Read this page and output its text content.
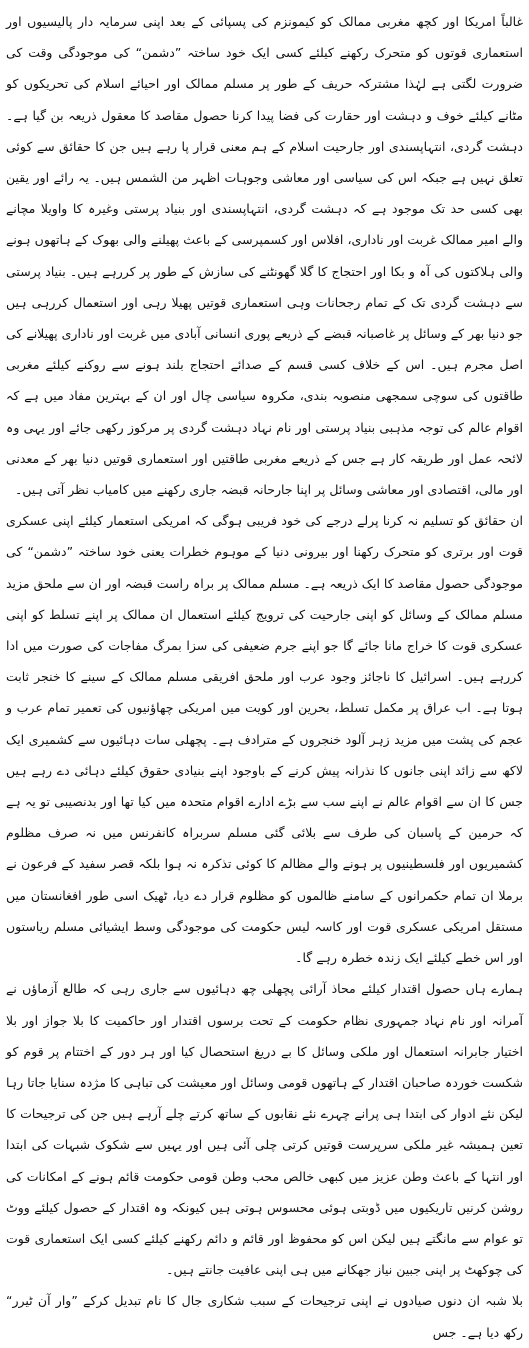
غالباً امریکا اور کچھ مغربی ممالک کو کیمونزم کی پسپائی کے بعد اپنی سرمایہ دار پالیسیوں اور استعماری قوتوں کو متحرک رکھنے کیلئے کسی ایک خود ساختہ ”دشمن“ کی موجودگی وقت کی ضرورت لگتی ہے لہٰذا مشترکہ حریف کے طور پر مسلم ممالک اور احیائے اسلام کی تحریکوں کو مٹانے کیلئے خوف و دہشت اور حقارت کی فضا پیدا کرنا حصول مقاصد کا معقول ذریعہ بن گیا ہے۔ دہشت گردی، انتہاپسندی اور جارحیت اسلام کے ہم معنی قرار پا رہے ہیں جن کا حقائق سے کوئی تعلق نہیں ہے جبکہ اس کی سیاسی اور معاشی وجوہات اظہر من الشمس ہیں۔ یہ رائے اور یقین بھی کسی حد تک موجود ہے کہ دہشت گردی، انتہاپسندی اور بنیاد پرستی وغیرہ کا واویلا مچانے والے امیر ممالک غربت اور ناداری، افلاس اور کسمپرسی کے باعث پھیلنے والی بھوک کے ہاتھوں ہونے والی ہلاکتوں کی آہ و بکا اور احتجاج کا گلا گھونٹنے کی سازش کے طور پر کررہے ہیں۔ بنیاد پرستی سے دہشت گردی تک کے تمام رجحانات وہی استعماری قوتیں پھیلا رہی اور استعمال کررہی ہیں جو دنیا بھر کے وسائل پر غاصبانہ قبضے کے ذریعے پوری انسانی آبادی میں غربت اور ناداری پھیلانے کی اصل مجرم ہیں۔ اس کے خلاف کسی قسم کے صدائے احتجاج بلند ہونے سے روکنے کیلئے مغربی طاقتوں کی سوچی سمجھی منصوبہ بندی، مکروہ سیاسی چال اور ان کے بہترین مفاد میں ہے کہ اقوام عالم کی توجہ مذہبی بنیاد پرستی اور نام نہاد دہشت گردی پر مرکوز رکھی جائے اور یہی وہ لائحہ عمل اور طریقہ کار ہے جس کے ذریعے مغربی طاقتیں اور استعماری قوتیں دنیا بھر کے معدنی اور مالی، اقتصادی اور معاشی وسائل پر اپنا جارحانہ قبضہ جاری رکھنے میں کامیاب نظر آتی ہیں۔

ان حقائق کو تسلیم نہ کرنا پرلے درجے کی خود فریبی ہوگی کہ امریکی استعمار کیلئے اپنی عسکری قوت اور برتری کو متحرک رکھنا اور بیرونی دنیا کے موہوم خطرات یعنی خود ساختہ ”دشمن“ کی موجودگی حصول مقاصد کا ایک ذریعہ ہے۔ مسلم ممالک پر براہ راست قبضہ اور ان سے ملحق مزید مسلم ممالک کے وسائل کو اپنی جارحیت کی ترویج کیلئے استعمال ان ممالک پر اپنے تسلط کو اپنی عسکری قوت کا خراج مانا جائے گا جو اپنے جرم ضعیفی کی سزا بمرگ مفاجات کی صورت میں ادا کررہے ہیں۔ اسرائیل کا ناجائز وجود عرب اور ملحق افریقی مسلم ممالک کے سینے کا خنجر ثابت ہوتا ہے۔ اب عراق پر مکمل تسلط، بحرین اور کویت میں امریکی چھاؤنیوں کی تعمیر تمام عرب و عجم کی پشت میں مزید زہر آلود خنجروں کے مترادف ہے۔ پچھلی سات دہائیوں سے کشمیری ایک لاکھ سے زائد اپنی جانوں کا نذرانہ پیش کرنے کے باوجود اپنے بنیادی حقوق کیلئے دہائی دے رہے ہیں جس کا ان سے اقوام عالم نے اپنے سب سے بڑے ادارے اقوام متحدہ میں کیا تھا اور بدنصیبی تو یہ ہے کہ حرمین کے پاسبان کی طرف سے بلائی گئی مسلم سربراہ کانفرنس میں نہ صرف مظلوم کشمیریوں اور فلسطینیوں پر ہونے والے مظالم کا کوئی تذکرہ نہ ہوا بلکہ قصر سفید کے فرعون نے برملا ان تمام حکمرانوں کے سامنے ظالموں کو مظلوم قرار دے دیا، ٹھیک اسی طور افغانستان میں مستقل امریکی عسکری قوت اور کاسہ لیس حکومت کی موجودگی وسط ایشیائی مسلم ریاستوں اور اس خطے کیلئے ایک زندہ خطرہ رہے گا۔

ہمارے ہاں حصول اقتدار کیلئے محاذ آرائی پچھلی چھ دہائیوں سے جاری رہی کہ طالع آزماؤں نے آمرانہ اور نام نہاد جمہوری نظام حکومت کے تحت برسوں اقتدار اور حاکمیت کا بلا جواز اور بلا اختیار جابرانہ استعمال اور ملکی وسائل کا بے دریغ استحصال کیا اور ہر دور کے اختتام پر قوم کو شکست خوردہ صاحبان اقتدار کے ہاتھوں قومی وسائل اور معیشت کی تباہی کا مژدہ سنایا جاتا رہا لیکن نئے ادوار کی ابتدا ہی پرانے چہرے نئے نقابوں کے ساتھ کرتے چلے آرہے ہیں جن کی ترجیحات کا تعین ہمیشہ غیر ملکی سرپرست قوتیں کرتی چلی آئی ہیں اور یہیں سے شکوک شبہات کی ابتدا اور انتہا کے باعث وطن عزیز میں کبھی خالص محب وطن قومی حکومت قائم ہونے کے امکانات کی روشن کرنیں تاریکیوں میں ڈوبتی ہوئی محسوس ہوتی ہیں کیونکہ وہ اقتدار کے حصول کیلئے ووٹ تو عوام سے مانگتے ہیں لیکن اس کو محفوظ اور قائم و دائم رکھنے کیلئے کسی ایک استعماری قوت کی چوکھٹ پر اپنی جبین نیاز جھکانے میں ہی اپنی عافیت جانتے ہیں۔

بلا شبہ ان دنوں صیادوں نے اپنی ترجیحات کے سبب شکاری جال کا نام تبدیل کرکے ”وار آن ٹیرر“ رکھ دیا ہے۔ جس
